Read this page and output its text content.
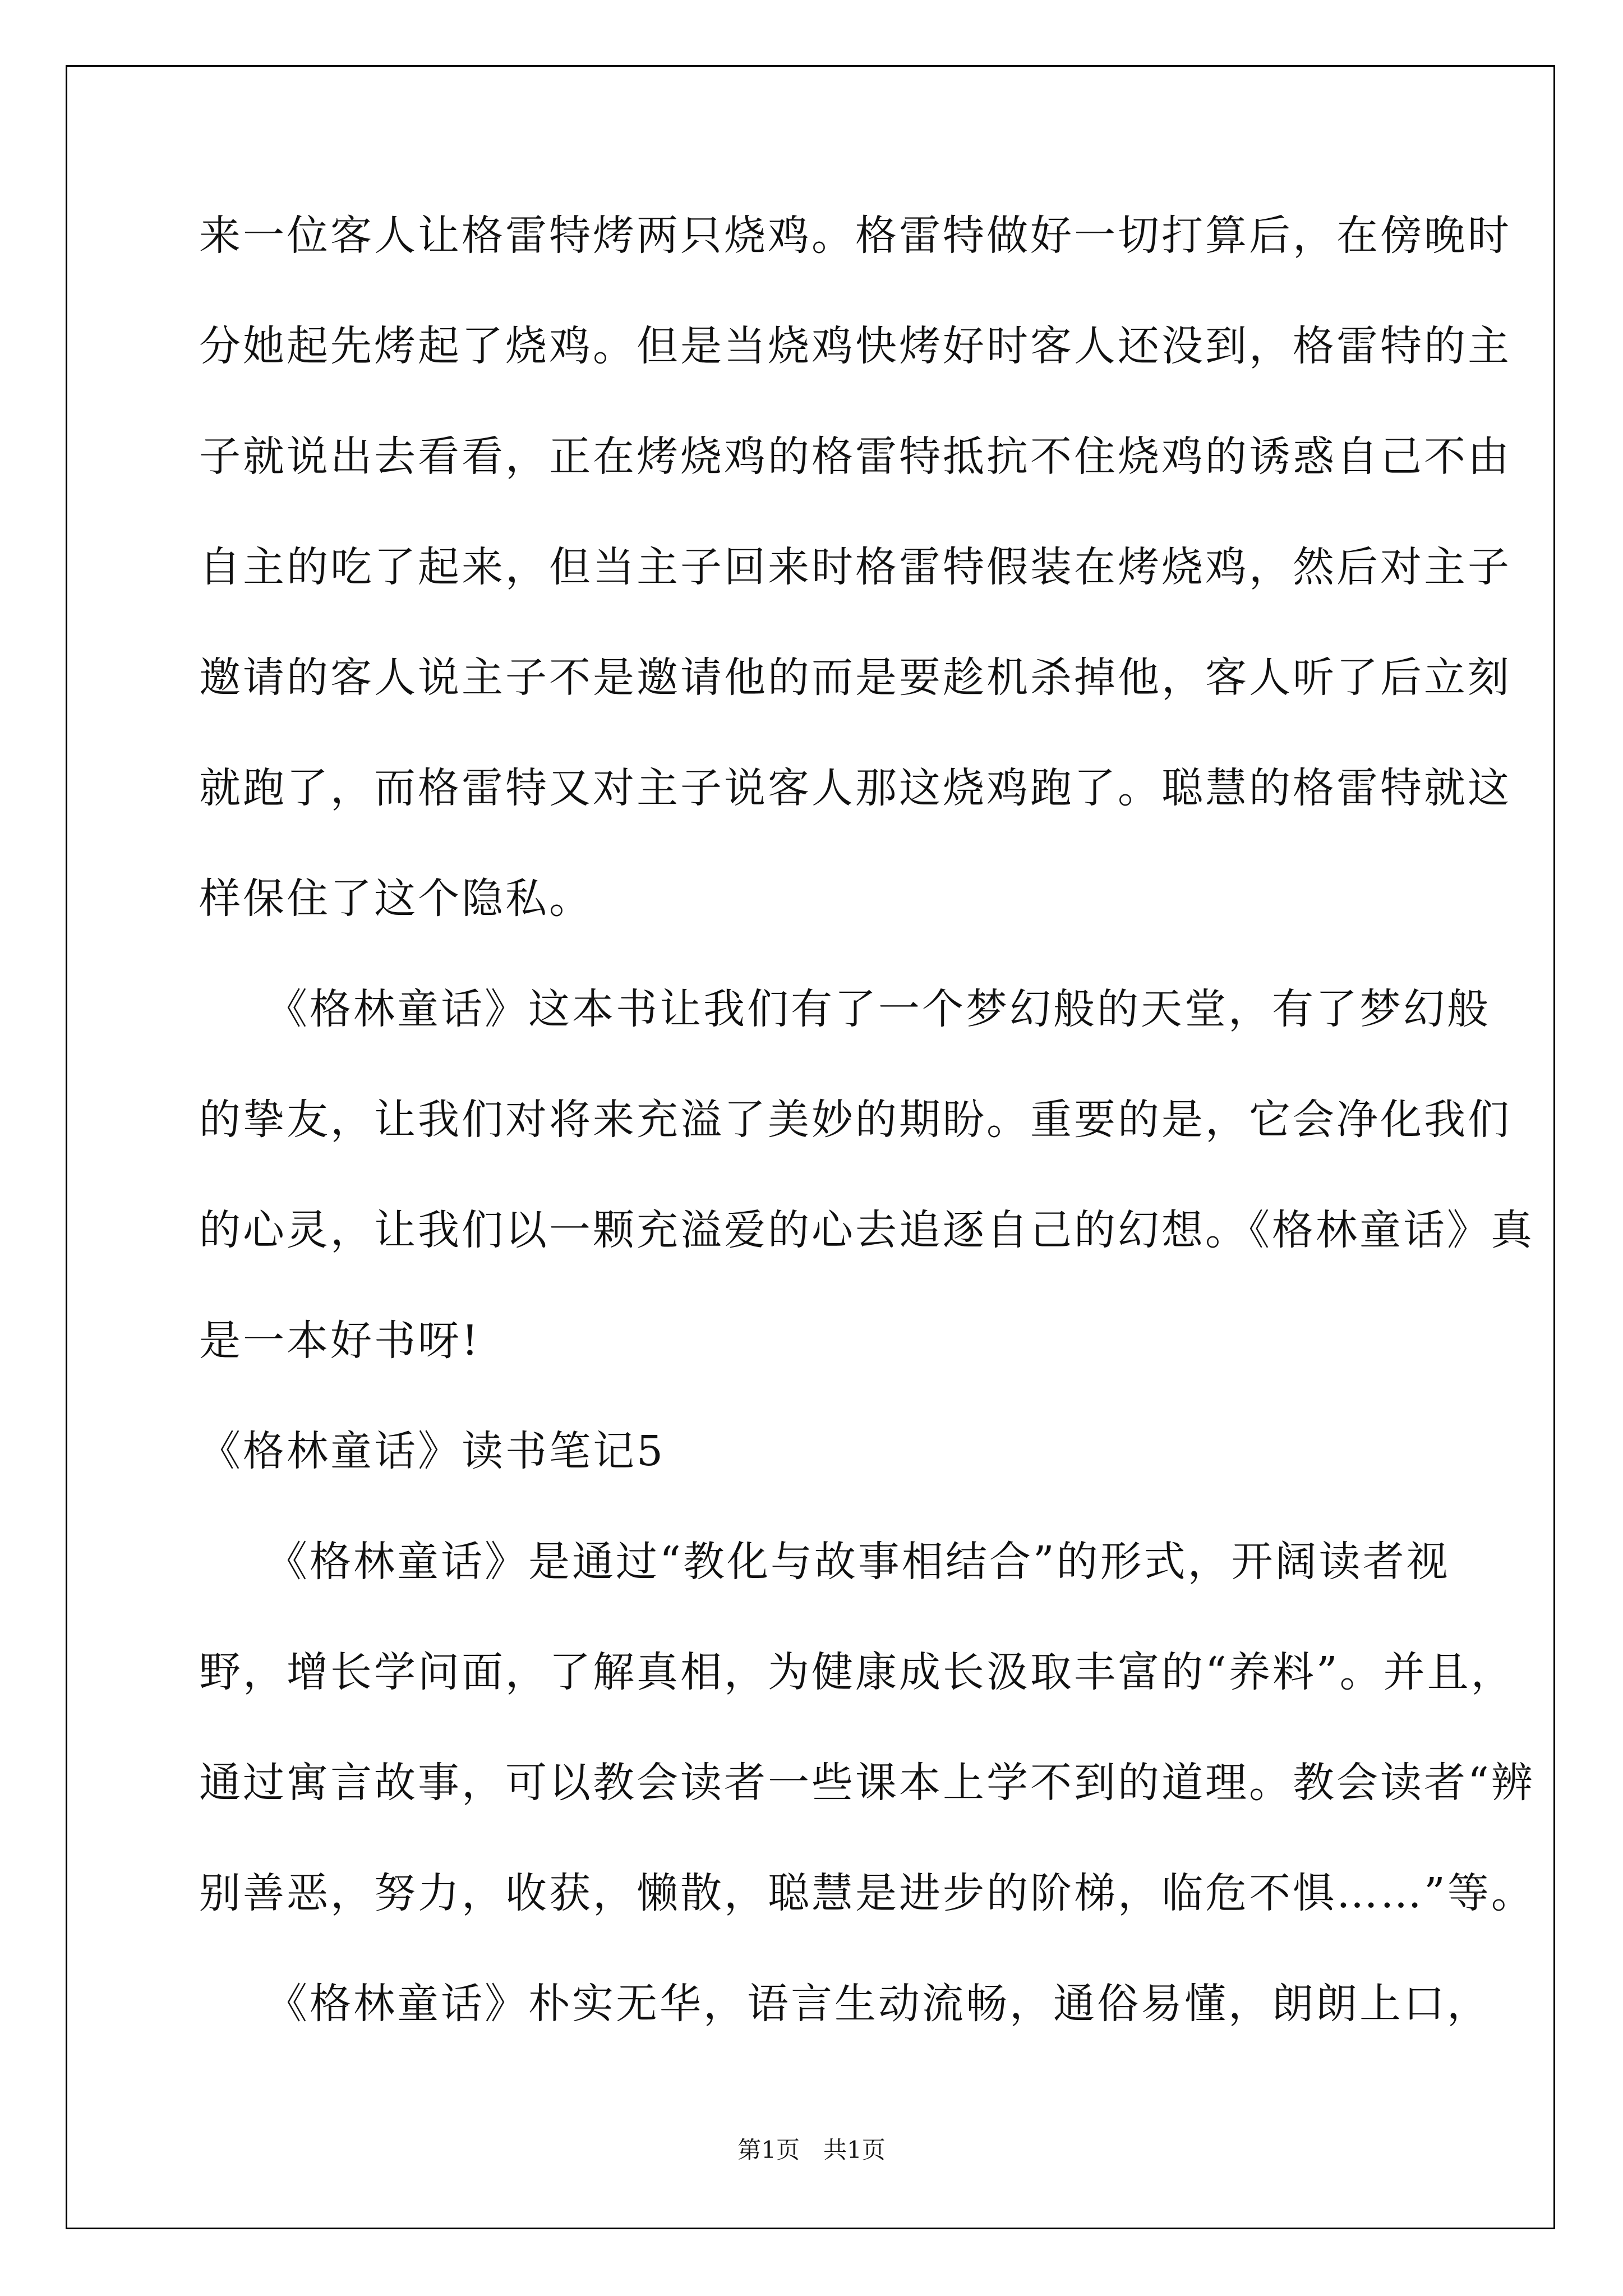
来一位客人让格雷特烤两只烧鸡。格雷特做好一切打算后，在傍晚时
分她起先烤起了烧鸡。但是当烧鸡快烤好时客人还没到，格雷特的主
子就说出去看看，正在烤烧鸡的格雷特抵抗不住烧鸡的诱惑自己不由
自主的吃了起来，但当主子回来时格雷特假装在烤烧鸡，然后对主子
邀请的客人说主子不是邀请他的而是要趁机杀掉他，客人听了后立刻
就跑了，而格雷特又对主子说客人那这烧鸡跑了。聪慧的格雷特就这
样保住了这个隐私。
　　《格林童话》这本书让我们有了一个梦幻般的天堂，有了梦幻般
的挚友，让我们对将来充溢了美妙的期盼。重要的是，它会净化我们
的心灵，让我们以一颗充溢爱的心去追逐自己的幻想。《格林童话》真
是一本好书呀!
《格林童话》读书笔记5
　　《格林童话》是通过“教化与故事相结合”的形式，开阔读者视
野，增长学问面，了解真相，为健康成长汲取丰富的“养料”。并且，
通过寓言故事，可以教会读者一些课本上学不到的道理。教会读者“辨
别善恶，努力，收获，懒散，聪慧是进步的阶梯，临危不惧……”等。
　　《格林童话》朴实无华，语言生动流畅，通俗易懂，朗朗上口，
第1页　共1页
